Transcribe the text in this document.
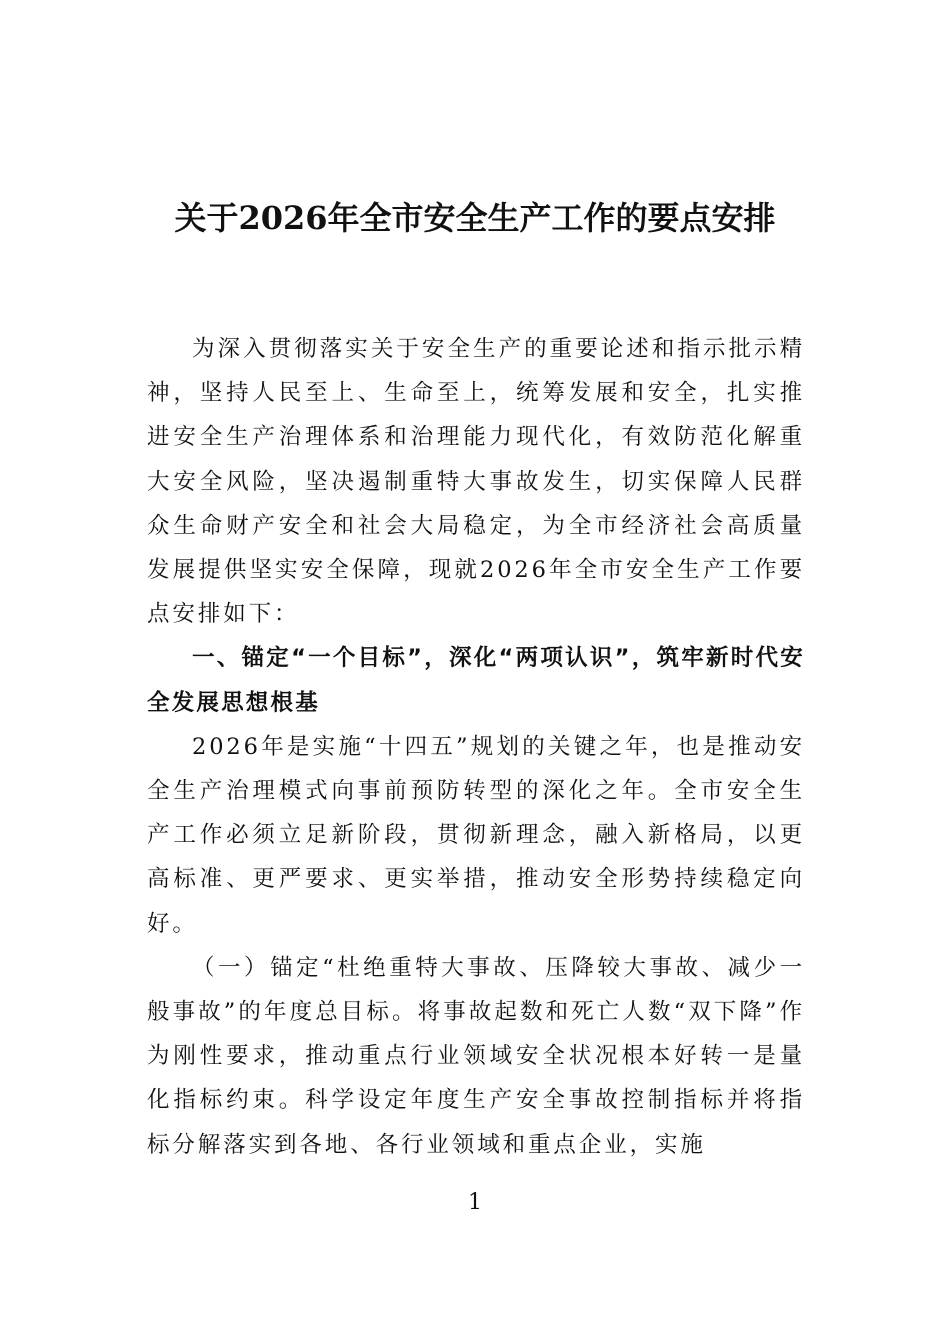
关于2026年全市安全生产工作的要点安排

为深入贯彻落实关于安全生产的重要论述和指示批示精神，坚持人民至上、生命至上，统筹发展和安全，扎实推进安全生产治理体系和治理能力现代化，有效防范化解重大安全风险，坚决遏制重特大事故发生，切实保障人民群众生命财产安全和社会大局稳定，为全市经济社会高质量发展提供坚实安全保障，现就2026年全市安全生产工作要点安排如下：

一、锚定“一个目标”，深化“两项认识”，筑牢新时代安全发展思想根基

2026年是实施“十四五”规划的关键之年，也是推动安全生产治理模式向事前预防转型的深化之年。全市安全生产工作必须立足新阶段，贯彻新理念，融入新格局，以更高标准、更严要求、更实举措，推动安全形势持续稳定向好。

（一）锚定“杜绝重特大事故、压降较大事故、减少一般事故”的年度总目标。将事故起数和死亡人数“双下降”作为刚性要求，推动重点行业领域安全状况根本好转一是量化指标约束。科学设定年度生产安全事故控制指标并将指标分解落实到各地、各行业领域和重点企业，实施

1
